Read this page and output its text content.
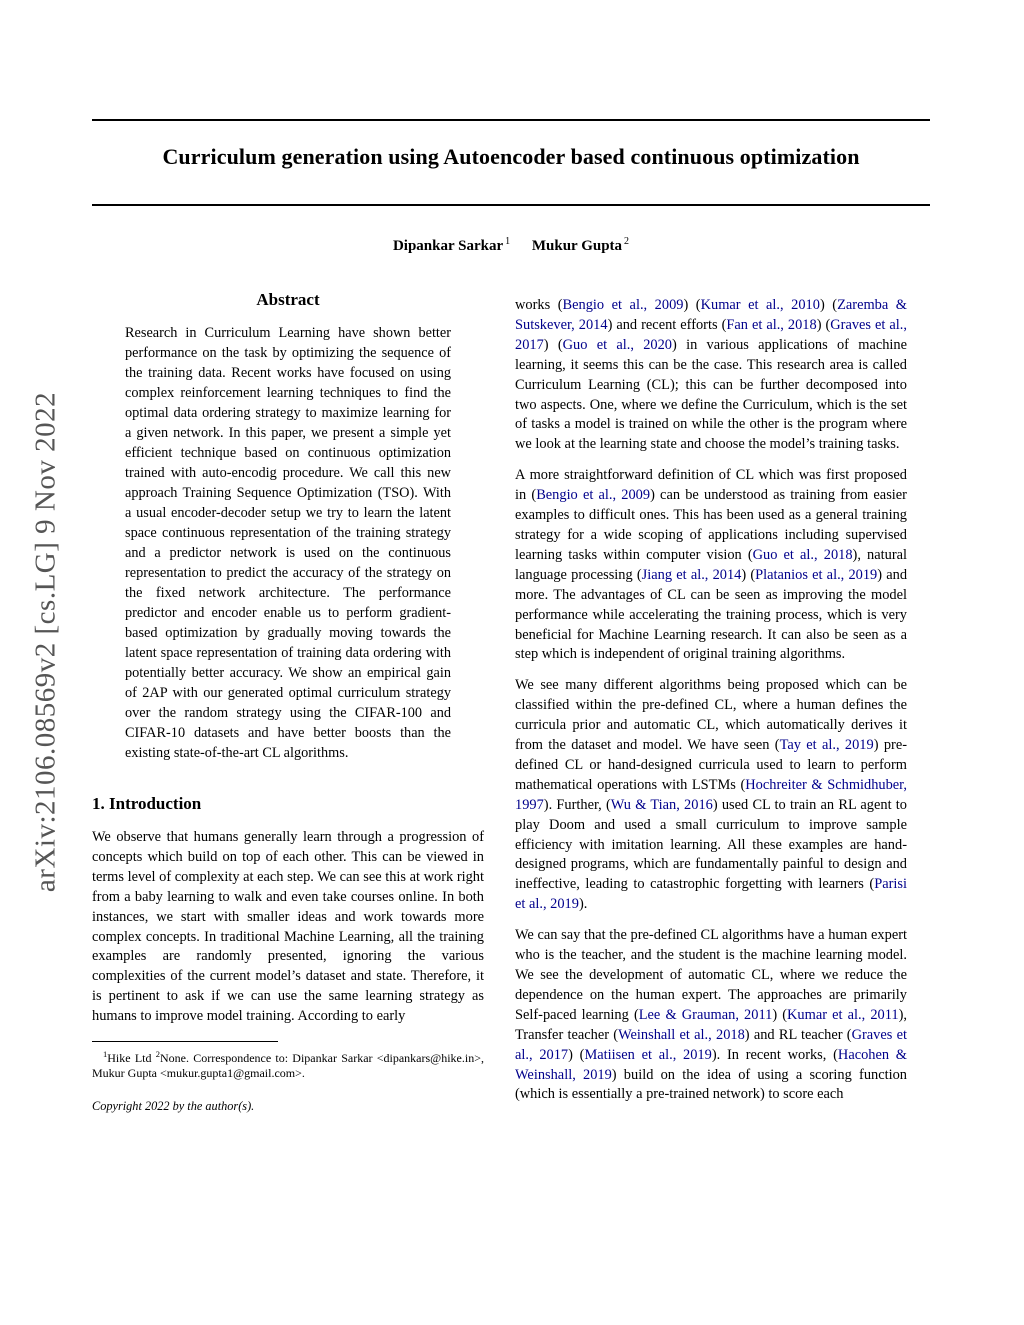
arXiv:2106.08569v2 [cs.LG] 9 Nov 2022
Curriculum generation using Autoencoder based continuous optimization
Dipankar Sarkar $^1$ Mukur Gupta $^2$
Abstract

Research in Curriculum Learning have shown better performance on the task by optimizing the sequence of the training data. Recent works have focused on using complex reinforcement learning techniques to find the optimal data ordering strategy to maximize learning for a given network. In this paper, we present a simple yet efficient technique based on continuous optimization trained with auto-encodig procedure. We call this new approach Training Sequence Optimization (TSO). With a usual encoder-decoder setup we try to learn the latent space continuous representation of the training strategy and a predictor network is used on the continuous representation to predict the accuracy of the strategy on the fixed network architecture. The performance predictor and encoder enable us to perform gradient-based optimization by gradually moving towards the latent space representation of training data ordering with potentially better accuracy. We show an empirical gain of 2AP with our generated optimal curriculum strategy over the random strategy using the CIFAR-100 and CIFAR-10 datasets and have better boosts than the existing state-of-the-art CL algorithms.

1. Introduction

We observe that humans generally learn through a progression of concepts which build on top of each other. This can be viewed in terms level of complexity at each step. We can see this at work right from a baby learning to walk and even take courses online. In both instances, we start with smaller ideas and work towards more complex concepts. In traditional Machine Learning, all the training examples are randomly presented, ignoring the various complexities of the current model’s dataset and state. Therefore, it is pertinent to ask if we can use the same learning strategy as humans to improve model training. According to early

$^1$Hike Ltd $^2$None. Correspondence to: Dipankar Sarkar <dipankars@hike.in>, Mukur Gupta <mukur.gupta1@gmail.com>.

Copyright 2022 by the author(s).

works (Bengio et al., 2009) (Kumar et al., 2010) (Zaremba & Sutskever, 2014) and recent efforts (Fan et al., 2018) (Graves et al., 2017) (Guo et al., 2020) in various applications of machine learning, it seems this can be the case. This research area is called Curriculum Learning (CL); this can be further decomposed into two aspects. One, where we define the Curriculum, which is the set of tasks a model is trained on while the other is the program where we look at the learning state and choose the model’s training tasks.

A more straightforward definition of CL which was first proposed in (Bengio et al., 2009) can be understood as training from easier examples to difficult ones. This has been used as a general training strategy for a wide scoping of applications including supervised learning tasks within computer vision (Guo et al., 2018), natural language processing (Jiang et al., 2014) (Platanios et al., 2019) and more. The advantages of CL can be seen as improving the model performance while accelerating the training process, which is very beneficial for Machine Learning research. It can also be seen as a step which is independent of original training algorithms.

We see many different algorithms being proposed which can be classified within the pre-defined CL, where a human defines the curricula prior and automatic CL, which automatically derives it from the dataset and model. We have seen (Tay et al., 2019) pre-defined CL or hand-designed curricula used to learn to perform mathematical operations with LSTMs (Hochreiter & Schmidhuber, 1997). Further, (Wu & Tian, 2016) used CL to train an RL agent to play Doom and used a small curriculum to improve sample efficiency with imitation learning. All these examples are hand-designed programs, which are fundamentally painful to design and ineffective, leading to catastrophic forgetting with learners (Parisi et al., 2019).

We can say that the pre-defined CL algorithms have a human expert who is the teacher, and the student is the machine learning model. We see the development of automatic CL, where we reduce the dependence on the human expert. The approaches are primarily Self-paced learning (Lee & Grauman, 2011) (Kumar et al., 2011), Transfer teacher (Weinshall et al., 2018) and RL teacher (Graves et al., 2017) (Matiisen et al., 2019). In recent works, (Hacohen & Weinshall, 2019) build on the idea of using a scoring function (which is essentially a pre-trained network) to score each
